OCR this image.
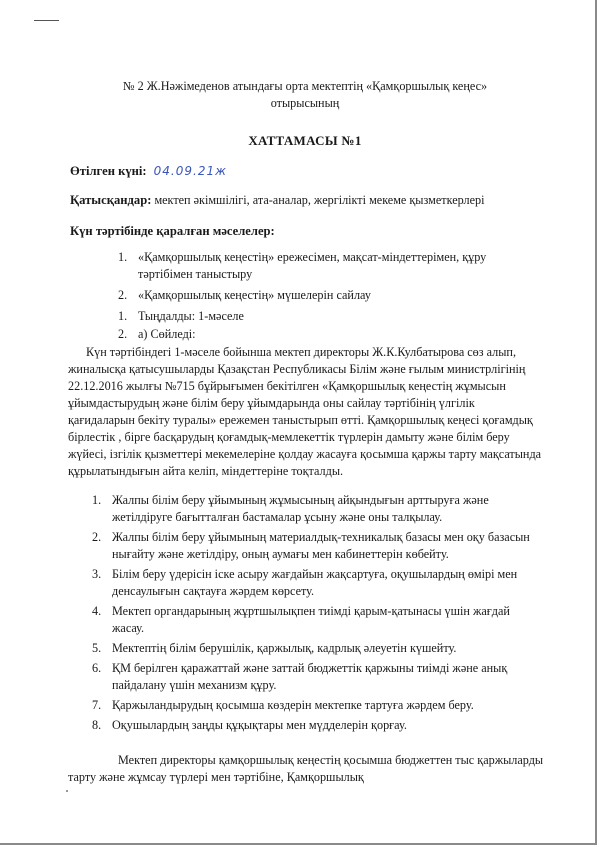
№ 2 Ж.Нәжімеденов атындағы орта мектептің «Қамқоршылық кеңес»
отырысының
ХАТТАМАСЫ №1
Өтілген күні: 04.09.21ж
Қатысқандар: мектеп әкімшілігі, ата-аналар, жергілікті мекеме қызметкерлері
Күн тәртібінде қаралған мәселелер:
1. «Қамқоршылық кеңестің» ережесімен, мақсат-міндеттерімен, құру тәртібімен таныстыру
2. «Қамқоршылық кеңестің» мүшелерін сайлау
1. Тыңдалды: 1-мәселе
2. а) Сөйледі:

Күн тәртібіндегі 1-мәселе бойынша мектеп директоры Ж.К.Кулбатырова сөз алып, жиналысқа қатысушыларды Қазақстан Республикасы Білім және ғылым министрлігінің 22.12.2016 жылғы №715 бұйрығымен бекітілген «Қамқоршылық кеңестің жұмысын ұйымдастырудың және білім беру ұйымдарында оны сайлау тәртібінің үлгілік қағидаларын бекіту туралы» ережемен таныстырып өтті. Қамқоршылық кеңесі қоғамдық бірлестік , бірге басқарудың қоғамдық-мемлекеттік түрлерін дамыту және білім беру жүйесі, ізгілік қызметтері мекемелеріне қолдау жасауға қосымша қаржы тарту мақсатында құрылатындығын айта келіп, міндеттеріне тоқталды.

1. Жалпы білім беру ұйымының жұмысының айқындығын арттыруға және жетілдіруге бағытталған бастамалар ұсыну және оны талқылау.
2. Жалпы білім беру ұйымының материалдық-техникалық базасы мен оқу базасын нығайту және жетілдіру, оның аумағы мен кабинеттерін көбейту.
3. Білім беру үдерісін іске асыру жағдайын жақсартуға, оқушылардың өмірі мен денсаулығын сақтауға жәрдем көрсету.
4. Мектеп органдарының жұртшылықпен тиімді қарым-қатынасы үшін жағдай жасау.
5. Мектептің білім берушілік, қаржылық, кадрлық әлеуетін күшейту.
6. ҚМ берілген қаражаттай және заттай бюджеттік қаржыны тиімді және анық пайдалану үшін механизм құру.
7. Қаржыландырудың қосымша көздерін мектепке тартуға жәрдем беру.
8. Оқушылардың заңды құқықтары мен мүдделерін қорғау.

Мектеп директоры қамқоршылық кеңестің қосымша бюджеттен тыс қаржыларды тарту және жұмсау түрлері мен тәртібіне, Қамқоршылық
